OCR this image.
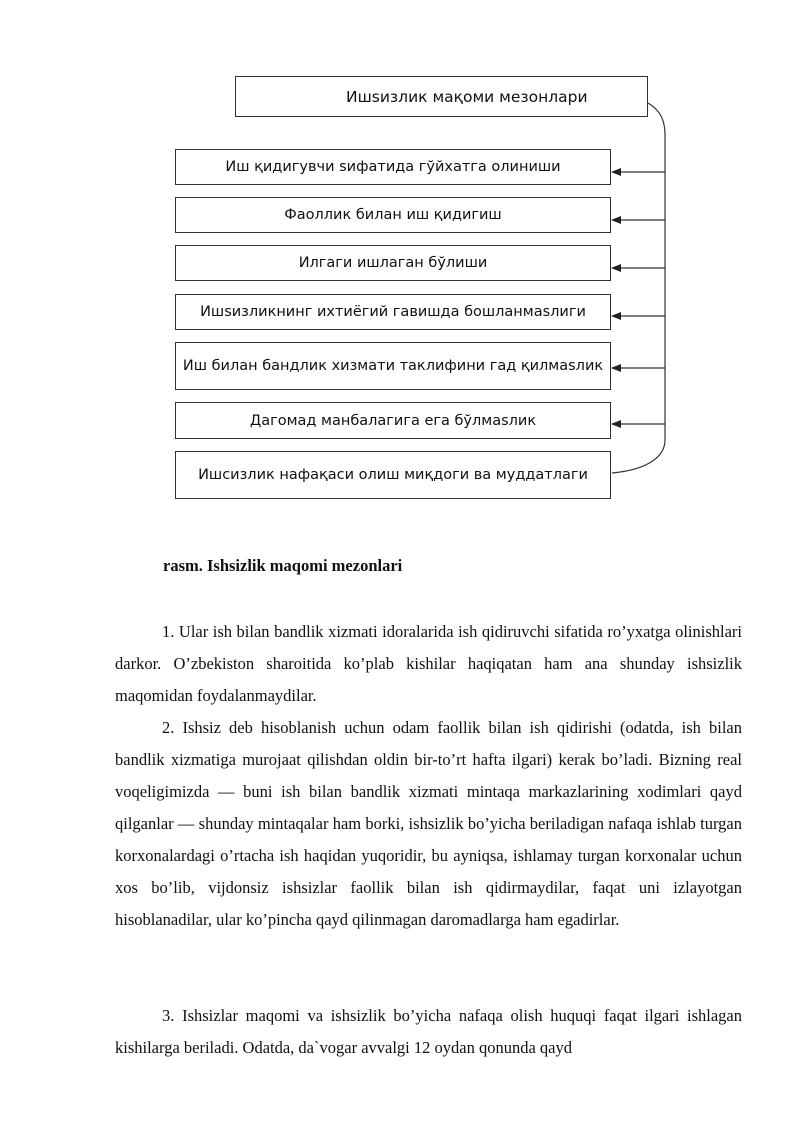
Ишsизлик мақоми мезонлари
Иш қидигувчи sифатида гўйхатга олиниши
Фаоллик билан иш қидигиш
Илгаги ишлаган бўлиши
Ишsизликнинг ихтиёгий гавишда бошланмаsлиги
Иш билан бандлик хизмати таклифини гад қилмаsлик
Дагомад манбалагига ега бўлмаsлик
Ишсизлик нафақаси олиш миқдоги ва муддатлаги
rasm. Ishsizlik maqomi mezonlari

1. Ular ish bilan bandlik xizmati idoralarida ish qidiruvchi sifatida ro’yxatga olinishlari darkor. O’zbekiston sharoitida ko’plab kishilar haqiqatan ham ana shunday ishsizlik maqomidan foydalanmaydilar.

2. Ishsiz deb hisoblanish uchun odam faollik bilan ish qidirishi (odatda, ish bilan bandlik xizmatiga murojaat qilishdan oldin bir-to’rt hafta ilgari) kerak bo’ladi. Bizning real voqeligimizda — buni ish bilan bandlik xizmati mintaqa markazlarining xodimlari qayd qilganlar — shunday mintaqalar ham borki, ishsizlik bo’yicha beriladigan nafaqa ishlab turgan korxonalardagi o’rtacha ish haqidan yuqoridir, bu ayniqsa, ishlamay turgan korxonalar uchun xos bo’lib, vijdonsiz ishsizlar faollik bilan ish qidirmaydilar, faqat uni izlayotgan hisoblanadilar, ular ko’pincha qayd qilinmagan daromadlarga ham egadirlar.

3. Ishsizlar maqomi va ishsizlik bo’yicha nafaqa olish huquqi faqat ilgari ishlagan kishilarga beriladi. Odatda, da`vogar avvalgi 12 oydan qonunda qayd
